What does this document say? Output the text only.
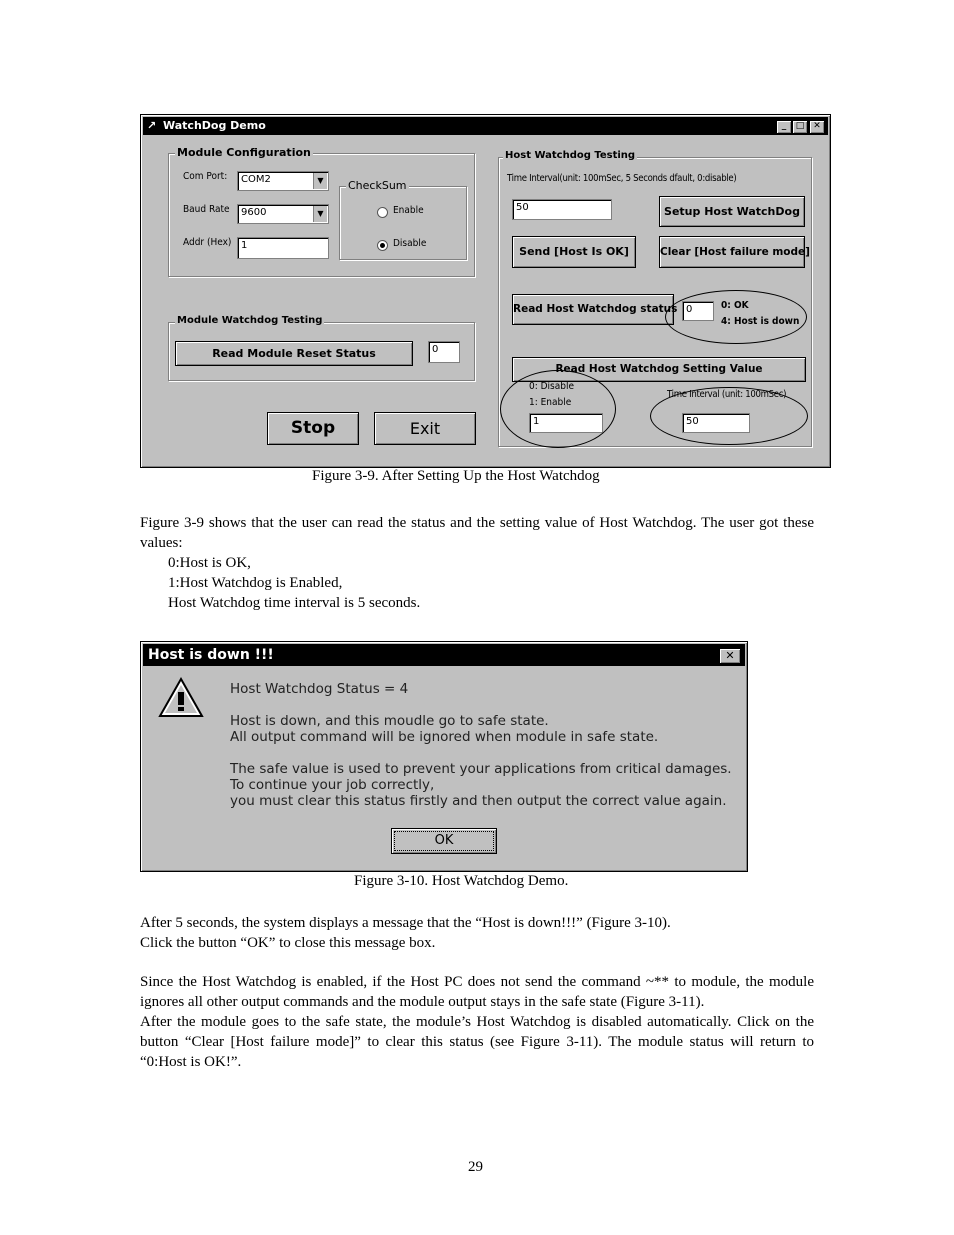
↗ WatchDog Demo	_	□ ✕
Module Configuration
Com Port:	COM2	▼
Baud Rate	9600	▼
Addr (Hex) 1
CheckSum
Enable
Disable
Module Watchdog Testing
Read Module Reset Status	0
Stop	Exit
Host Watchdog Testing
Time Interval(unit: 100mSec, 5 Seconds dfault, 0:disable)
50	Setup Host WatchDog
Send [Host Is OK]	Clear [Host failure mode]
Read Host Watchdog status 0	0: OK
4: Host is down
Read Host Watchdog Setting Value
0: Disable
1: Enable
1
Time Interval (unit: 100mSec)
50
Figure 3-9. After Setting Up the Host Watchdog

Figure 3-9 shows that the user can read the status and the setting value of Host Watchdog. The user got these values:

0:Host is OK,
1:Host Watchdog is Enabled,
Host Watchdog time interval is 5 seconds.
Host is down !!!	✕
Host Watchdog Status = 4
Host is down, and this moudle go to safe state.
All output command will be ignored when module in safe state.
The safe value is used to prevent your applications from critical damages.
To continue your job correctly,
you must clear this status firstly and then output the correct value again.
OK
Figure 3-10. Host Watchdog Demo.
After 5 seconds, the system displays a message that the “Host is down!!!” (Figure 3-10).
Click the button “OK” to close this message box.

Since the Host Watchdog is enabled, if the Host PC does not send the command ~** to module, the module ignores all other output commands and the module output stays in the safe state (Figure 3-11).

After the module goes to the safe state, the module’s Host Watchdog is disabled automatically. Click on the button “Clear [Host failure mode]” to clear this status (see Figure 3-11). The module status will return to “0:Host is OK!”.

29
